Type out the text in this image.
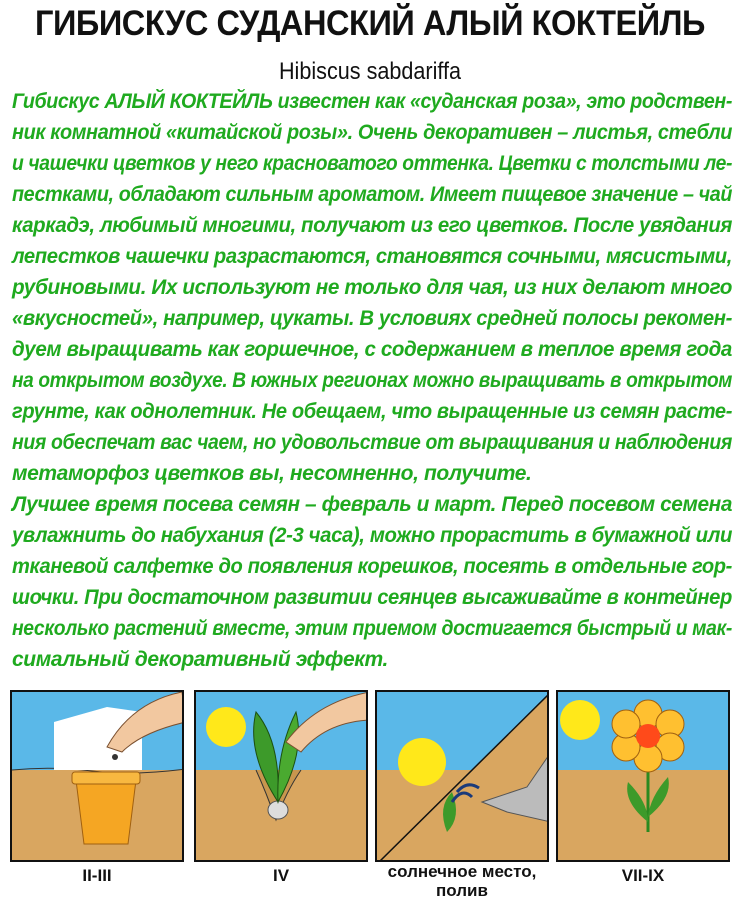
ГИБИСКУС СУДАНСКИЙ АЛЫЙ КОКТЕЙЛЬ
Hibiscus sabdariffa
Гибискус АЛЫЙ КОКТЕЙЛЬ известен как «суданская роза», это родствен-
ник комнатной «китайской розы». Очень декоративен – листья, стебли
и чашечки цветков у него красноватого оттенка. Цветки с толстыми ле-
пестками, обладают сильным ароматом. Имеет пищевое значение – чай
каркадэ, любимый многими, получают из его цветков. После увядания
лепестков чашечки разрастаются, становятся сочными, мясистыми,
рубиновыми. Их используют не только для чая, из них делают много
«вкусностей», например, цукаты. В условиях средней полосы рекомен-
дуем выращивать как горшечное, с содержанием в теплое время года
на открытом воздухе. В южных регионах можно выращивать в открытом
грунте, как однолетник. Не обещаем, что выращенные из семян расте-
ния обеспечат вас чаем, но удовольствие от выращивания и наблюдения
метаморфоз цветков вы, несомненно, получите.
Лучшее время посева семян – февраль и март. Перед посевом семена
увлажнить до набухания (2-3 часа), можно прорастить в бумажной или
тканевой салфетке до появления корешков, посеять в отдельные гор-
шочки. При достаточном развитии сеянцев высаживайте в контейнер
несколько растений вместе, этим приемом достигается быстрый и мак-
симальный декоративный эффект.
II-III	IV	солнечное место,
полив
VII-IX
